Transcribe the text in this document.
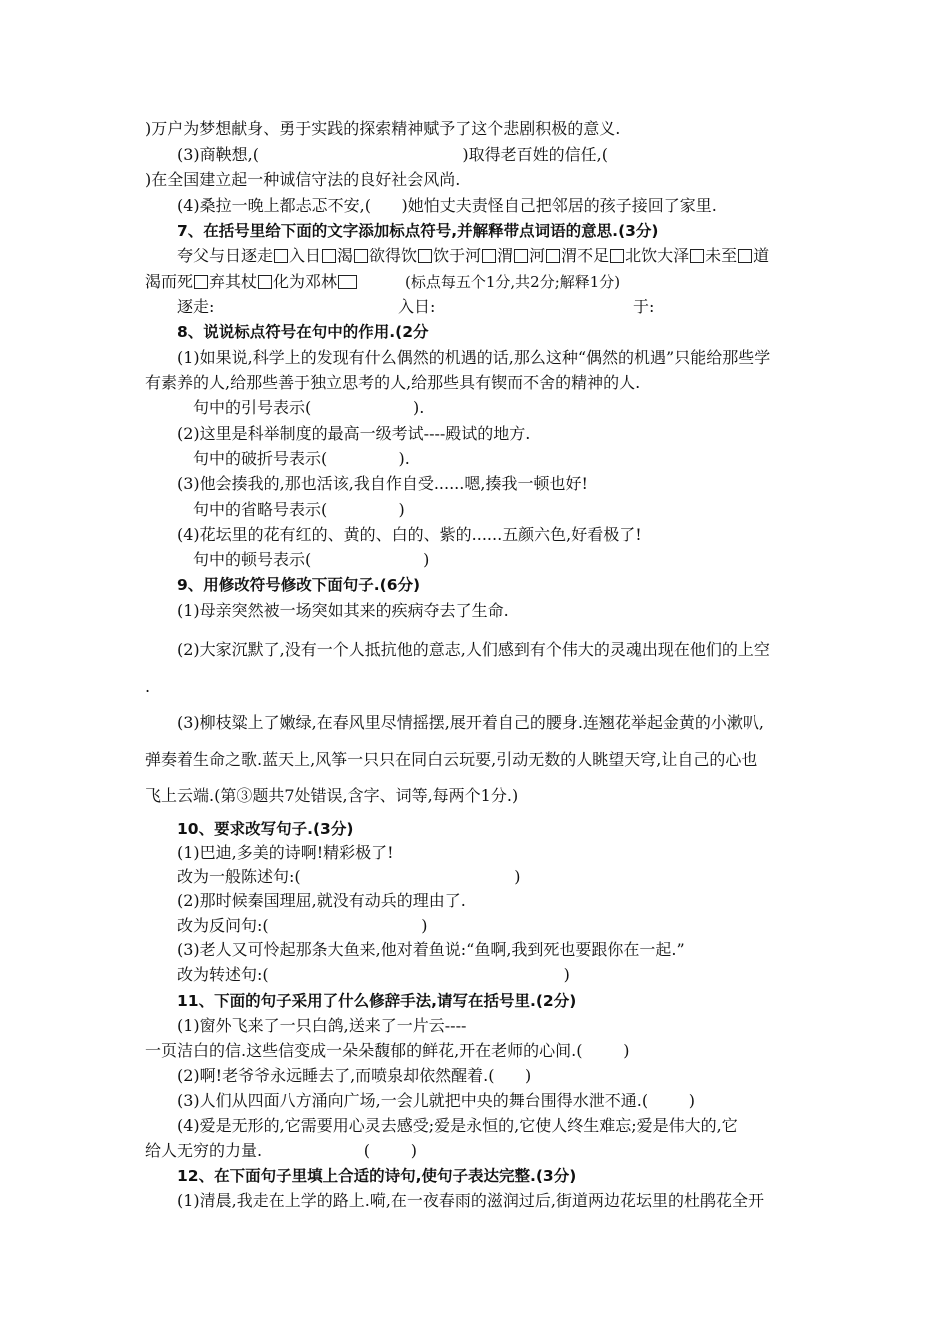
)万户为梦想献身、勇于实践的探索精神赋予了这个悲剧积极的意义.
(3)商鞅想,(                                        )取得老百姓的信任,(
)在全国建立起一种诚信守法的良好社会风尚.
(4)桑拉一晚上都忐忑不安,(      )她怕丈夫责怪自己把邻居的孩子接回了家里.
7、在括号里给下面的文字添加标点符号,并解释带点词语的意思.(3分)
夸父与日逐走 入日 渴 欲得饮 饮于河 渭 河 渭不足 北饮大泽 未至 道
渴而死 弃其杖 化为邓林	(标点每五个1分,共2分;解释1分)
逐走:	入日:	于:
8、说说标点符号在句中的作用.(2分
(1)如果说,科学上的发现有什么偶然的机遇的话,那么这种“偶然的机遇”只能给那些学
有素养的人,给那些善于独立思考的人,给那些具有锲而不舍的精神的人.
句中的引号表示(                    ).
(2)这里是科举制度的最高一级考试----殿试的地方.
句中的破折号表示(              ).
(3)他会揍我的,那也活该,我自作自受......嗯,揍我一顿也好!
句中的省略号表示(              )
(4)花坛里的花有红的、黄的、白的、紫的......五颜六色,好看极了!
句中的顿号表示(                      )
9、用修改符号修改下面句子.(6分)
(1)母亲突然被一场突如其来的疾病夺去了生命.
(2)大家沉默了,没有一个人抵抗他的意志,人们感到有个伟大的灵魂出现在他们的上空
.
(3)柳枝粱上了嫩绿,在春风里尽情摇摆,展开着自己的腰身.连翘花举起金黄的小漱叭,
弹奏着生命之歌.蓝天上,风筝一只只在同白云玩要,引动无数的人眺望天穹,让自己的心也
飞上云端.(第③题共7处错误,含字、词等,每两个1分.)
10、要求改写句子.(3分)
(1)巴迪,多美的诗啊!精彩极了!
改为一般陈述句:(                                          )
(2)那时候秦国理屈,就没有动兵的理由了.
改为反问句:(                              )
(3)老人又可怜起那条大鱼来,他对着鱼说:“鱼啊,我到死也要跟你在一起.”
改为转述句:(                                                          )
11、下面的句子采用了什么修辞手法,请写在括号里.(2分)
(1)窗外飞来了一只白鸽,送来了一片云----
一页洁白的信.这些信变成一朵朵馥郁的鲜花,开在老师的心间.(        )
(2)啊!老爷爷永远睡去了,而喷泉却依然醒着.(      )
(3)人们从四面八方涌向广场,一会儿就把中央的舞台围得水泄不通.(        )
(4)爱是无形的,它需要用心灵去感受;爱是永恒的,它使人终生难忘;爱是伟大的,它
给人无穷的力量.                    (        )
12、在下面句子里填上合适的诗句,使句子表达完整.(3分)
(1)清晨,我走在上学的路上.嗬,在一夜春雨的滋润过后,街道两边花坛里的杜鹃花全开
